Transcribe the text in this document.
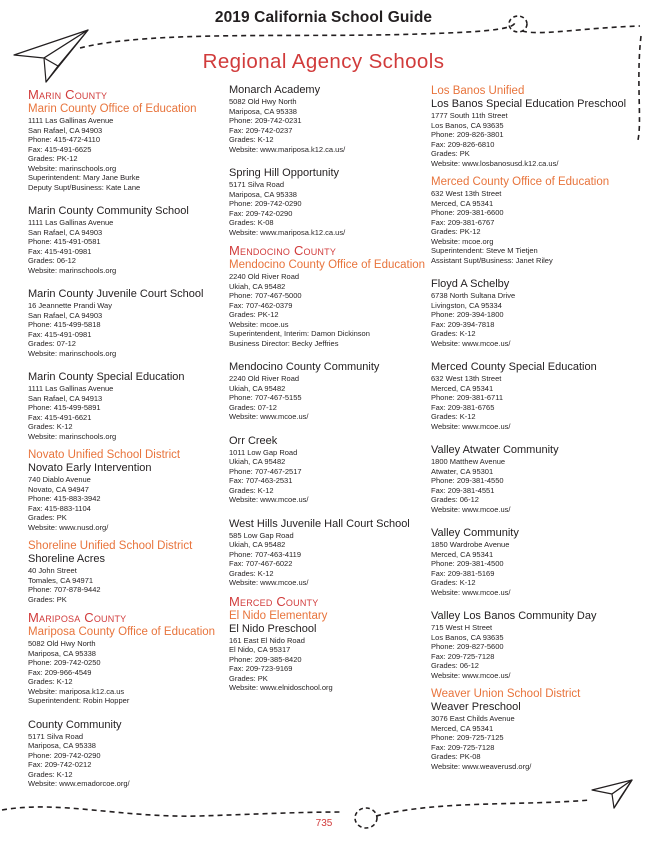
2019 California School Guide
Regional Agency Schools
Marin County
Marin County Office of Education
1111 Las Gallinas Avenue
San Rafael, CA 94903
Phone: 415-472-4110
Fax: 415-491-6625
Grades: PK-12
Website: marinschools.org
Superintendent: Mary Jane Burke
Deputy Supt/Business: Kate Lane
Marin County Community School
1111 Las Gallinas Avenue
San Rafael, CA 94903
Phone: 415-491-0581
Fax: 415-491-0981
Grades: 06-12
Website: marinschools.org
Marin County Juvenile Court School
16 Jeannette Prandi Way
San Rafael, CA 94903
Phone: 415-499-5818
Fax: 415-491-0981
Grades: 07-12
Website: marinschools.org
Marin County Special Education
1111 Las Gallinas Avenue
San Rafael, CA 94913
Phone: 415-499-5891
Fax: 415-491-6621
Grades: K-12
Website: marinschools.org
Novato Unified School District
Novato Early Intervention
740 Diablo Avenue
Novato, CA 94947
Phone: 415-883-3942
Fax: 415-883-1104
Grades: PK
Website: www.nusd.org/
Shoreline Unified School District
Shoreline Acres
40 John Street
Tomales, CA 94971
Phone: 707-878-9442
Grades: PK
Mariposa County
Mariposa County Office of Education
5082 Old Hwy North
Mariposa, CA 95338
Phone: 209-742-0250
Fax: 209-966-4549
Grades: K-12
Website: mariposa.k12.ca.us
Superintendent: Robin Hopper
County Community
5171 Silva Road
Mariposa, CA 95338
Phone: 209-742-0290
Fax: 209-742-0212
Grades: K-12
Website: www.emadorcoe.org/
Monarch Academy
5082 Old Hwy North
Mariposa, CA 95338
Phone: 209-742-0231
Fax: 209-742-0237
Grades: K-12
Website: www.mariposa.k12.ca.us/
Spring Hill Opportunity
5171 Silva Road
Mariposa, CA 95338
Phone: 209-742-0290
Fax: 209-742-0290
Grades: K-08
Website: www.mariposa.k12.ca.us/
Mendocino County
Mendocino County Office of Education
2240 Old River Road
Ukiah, CA 95482
Phone: 707-467-5000
Fax: 707-462-0379
Grades: PK-12
Website: mcoe.us
Superintendent, Interim: Damon Dickinson
Business Director: Becky Jeffries
Mendocino County Community
2240 Old River Road
Ukiah, CA 95482
Phone: 707-467-5155
Grades: 07-12
Website: www.mcoe.us/
Orr Creek
1011 Low Gap Road
Ukiah, CA 95482
Phone: 707-467-2517
Fax: 707-463-2531
Grades: K-12
Website: www.mcoe.us/
West Hills Juvenile Hall Court School
585 Low Gap Road
Ukiah, CA 95482
Phone: 707-463-4119
Fax: 707-467-6022
Grades: K-12
Website: www.mcoe.us/
Merced County
El Nido Elementary
El Nido Preschool
161 East El Nido Road
El Nido, CA 95317
Phone: 209-385-8420
Fax: 209-723-9169
Grades: PK
Website: www.elnidoschool.org
Los Banos Unified
Los Banos Special Education Preschool
1777 South 11th Street
Los Banos, CA 93635
Phone: 209-826-3801
Fax: 209-826-6810
Grades: PK
Website: www.losbanosusd.k12.ca.us/
Merced County Office of Education
632 West 13th Street
Merced, CA 95341
Phone: 209-381-6600
Fax: 209-381-6767
Grades: PK-12
Website: mcoe.org
Superintendent: Steve M Tietjen
Assistant Supt/Business: Janet Riley
Floyd A Schelby
6738 North Sultana Drive
Livingston, CA 95334
Phone: 209-394-1800
Fax: 209-394-7818
Grades: K-12
Website: www.mcoe.us/
Merced County Special Education
632 West 13th Street
Merced, CA 95341
Phone: 209-381-6711
Fax: 209-381-6765
Grades: K-12
Website: www.mcoe.us/
Valley Atwater Community
1800 Matthew Avenue
Atwater, CA 95301
Phone: 209-381-4550
Fax: 209-381-4551
Grades: 06-12
Website: www.mcoe.us/
Valley Community
1850 Wardrobe Avenue
Merced, CA 95341
Phone: 209-381-4500
Fax: 209-381-5169
Grades: K-12
Website: www.mcoe.us/
Valley Los Banos Community Day
715 West H Street
Los Banos, CA 93635
Phone: 209-827-5600
Fax: 209-725-7128
Grades: 06-12
Website: www.mcoe.us/
Weaver Union School District
Weaver Preschool
3076 East Childs Avenue
Merced, CA 95341
Phone: 209-725-7125
Fax: 209-725-7128
Grades: PK-08
Website: www.weaverusd.org/
735
